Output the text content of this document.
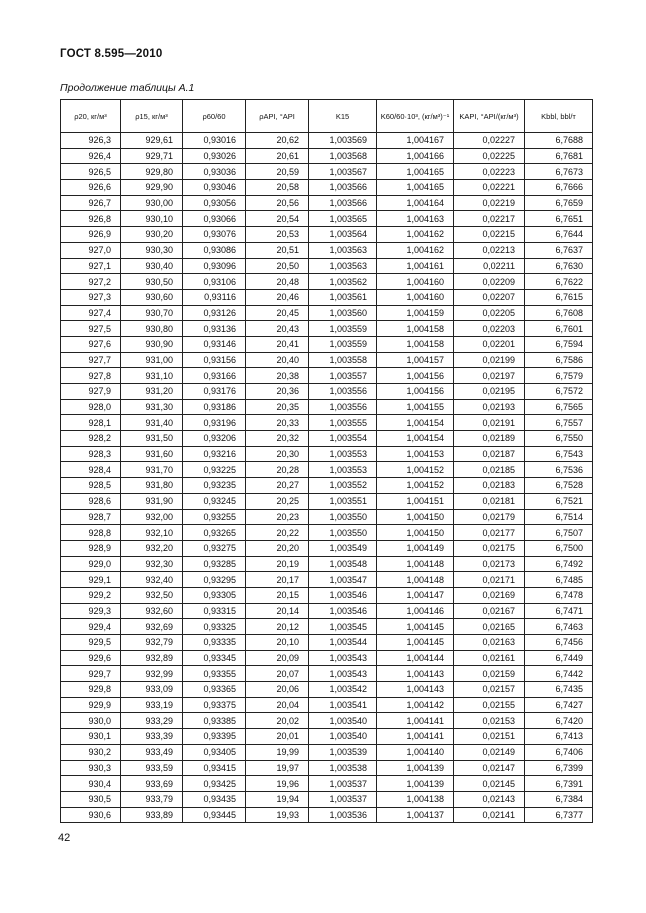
ГОСТ 8.595—2010
Продолжение таблицы А.1
ρ20, кг/м³	ρ15, кг/м³	ρ60/60	ρAPI, °API	K15	K60/60·10³, (кг/м³)⁻¹	KAPI, °API/(кг/м³)	Kbbl, bbl/т
926,3	929,61	0,93016	20,62	1,003569	1,004167	0,02227	6,7688
926,4	929,71	0,93026	20,61	1,003568	1,004166	0,02225	6,7681
926,5	929,80	0,93036	20,59	1,003567	1,004165	0,02223	6,7673
926,6	929,90	0,93046	20,58	1,003566	1,004165	0,02221	6,7666
926,7	930,00	0,93056	20,56	1,003566	1,004164	0,02219	6,7659
926,8	930,10	0,93066	20,54	1,003565	1,004163	0,02217	6,7651
926,9	930,20	0,93076	20,53	1,003564	1,004162	0,02215	6,7644
927,0	930,30	0,93086	20,51	1,003563	1,004162	0,02213	6,7637
927,1	930,40	0,93096	20,50	1,003563	1,004161	0,02211	6,7630
927,2	930,50	0,93106	20,48	1,003562	1,004160	0,02209	6,7622
927,3	930,60	0,93116	20,46	1,003561	1,004160	0,02207	6,7615
927,4	930,70	0,93126	20,45	1,003560	1,004159	0,02205	6,7608
927,5	930,80	0,93136	20,43	1,003559	1,004158	0,02203	6,7601
927,6	930,90	0,93146	20,41	1,003559	1,004158	0,02201	6,7594
927,7	931,00	0,93156	20,40	1,003558	1,004157	0,02199	6,7586
927,8	931,10	0,93166	20,38	1,003557	1,004156	0,02197	6,7579
927,9	931,20	0,93176	20,36	1,003556	1,004156	0,02195	6,7572
928,0	931,30	0,93186	20,35	1,003556	1,004155	0,02193	6,7565
928,1	931,40	0,93196	20,33	1,003555	1,004154	0,02191	6,7557
928,2	931,50	0,93206	20,32	1,003554	1,004154	0,02189	6,7550
928,3	931,60	0,93216	20,30	1,003553	1,004153	0,02187	6,7543
928,4	931,70	0,93225	20,28	1,003553	1,004152	0,02185	6,7536
928,5	931,80	0,93235	20,27	1,003552	1,004152	0,02183	6,7528
928,6	931,90	0,93245	20,25	1,003551	1,004151	0,02181	6,7521
928,7	932,00	0,93255	20,23	1,003550	1,004150	0,02179	6,7514
928,8	932,10	0,93265	20,22	1,003550	1,004150	0,02177	6,7507
928,9	932,20	0,93275	20,20	1,003549	1,004149	0,02175	6,7500
929,0	932,30	0,93285	20,19	1,003548	1,004148	0,02173	6,7492
929,1	932,40	0,93295	20,17	1,003547	1,004148	0,02171	6,7485
929,2	932,50	0,93305	20,15	1,003546	1,004147	0,02169	6,7478
929,3	932,60	0,93315	20,14	1,003546	1,004146	0,02167	6,7471
929,4	932,69	0,93325	20,12	1,003545	1,004145	0,02165	6,7463
929,5	932,79	0,93335	20,10	1,003544	1,004145	0,02163	6,7456
929,6	932,89	0,93345	20,09	1,003543	1,004144	0,02161	6,7449
929,7	932,99	0,93355	20,07	1,003543	1,004143	0,02159	6,7442
929,8	933,09	0,93365	20,06	1,003542	1,004143	0,02157	6,7435
929,9	933,19	0,93375	20,04	1,003541	1,004142	0,02155	6,7427
930,0	933,29	0,93385	20,02	1,003540	1,004141	0,02153	6,7420
930,1	933,39	0,93395	20,01	1,003540	1,004141	0,02151	6,7413
930,2	933,49	0,93405	19,99	1,003539	1,004140	0,02149	6,7406
930,3	933,59	0,93415	19,97	1,003538	1,004139	0,02147	6,7399
930,4	933,69	0,93425	19,96	1,003537	1,004139	0,02145	6,7391
930,5	933,79	0,93435	19,94	1,003537	1,004138	0,02143	6,7384
930,6	933,89	0,93445	19,93	1,003536	1,004137	0,02141	6,7377
42
